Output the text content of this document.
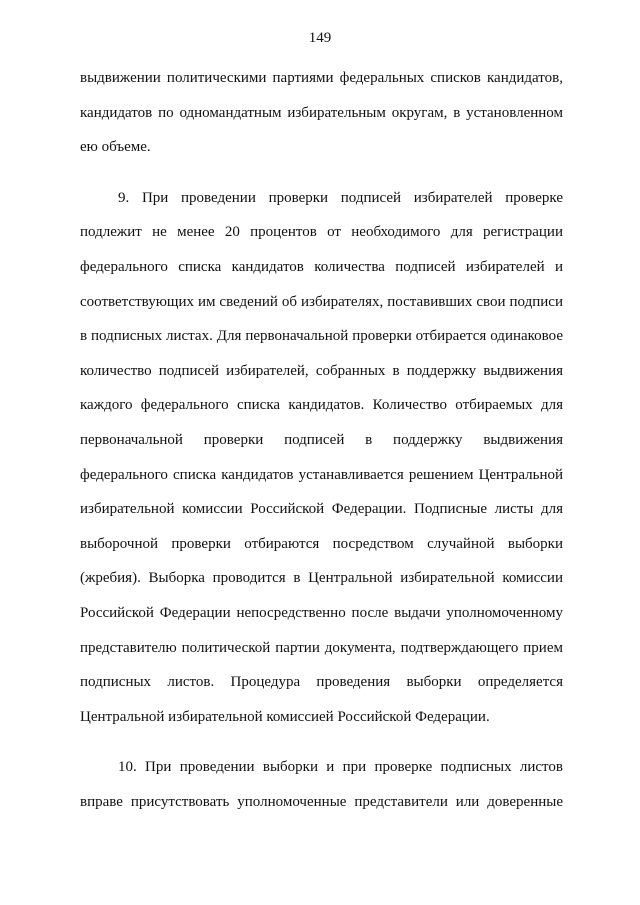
149
выдвижении политическими партиями федеральных списков кандидатов,
кандидатов по одномандатным избирательным округам, в установленном
ею объеме.
9. При проведении проверки подписей избирателей проверке
подлежит не менее 20 процентов от необходимого для регистрации
федерального списка кандидатов количества подписей избирателей и
соответствующих им сведений об избирателях, поставивших свои подписи
в подписных листах. Для первоначальной проверки отбирается одинаковое
количество подписей избирателей, собранных в поддержку выдвижения
каждого федерального списка кандидатов. Количество отбираемых для
первоначальной проверки подписей в поддержку выдвижения
федерального списка кандидатов устанавливается решением Центральной
избирательной комиссии Российской Федерации. Подписные листы для
выборочной проверки отбираются посредством случайной выборки
(жребия). Выборка проводится в Центральной избирательной комиссии
Российской Федерации непосредственно после выдачи уполномоченному
представителю политической партии документа, подтверждающего прием
подписных листов. Процедура проведения выборки определяется
Центральной избирательной комиссией Российской Федерации.
10. При проведении выборки и при проверке подписных листов
вправе присутствовать уполномоченные представители или доверенные
